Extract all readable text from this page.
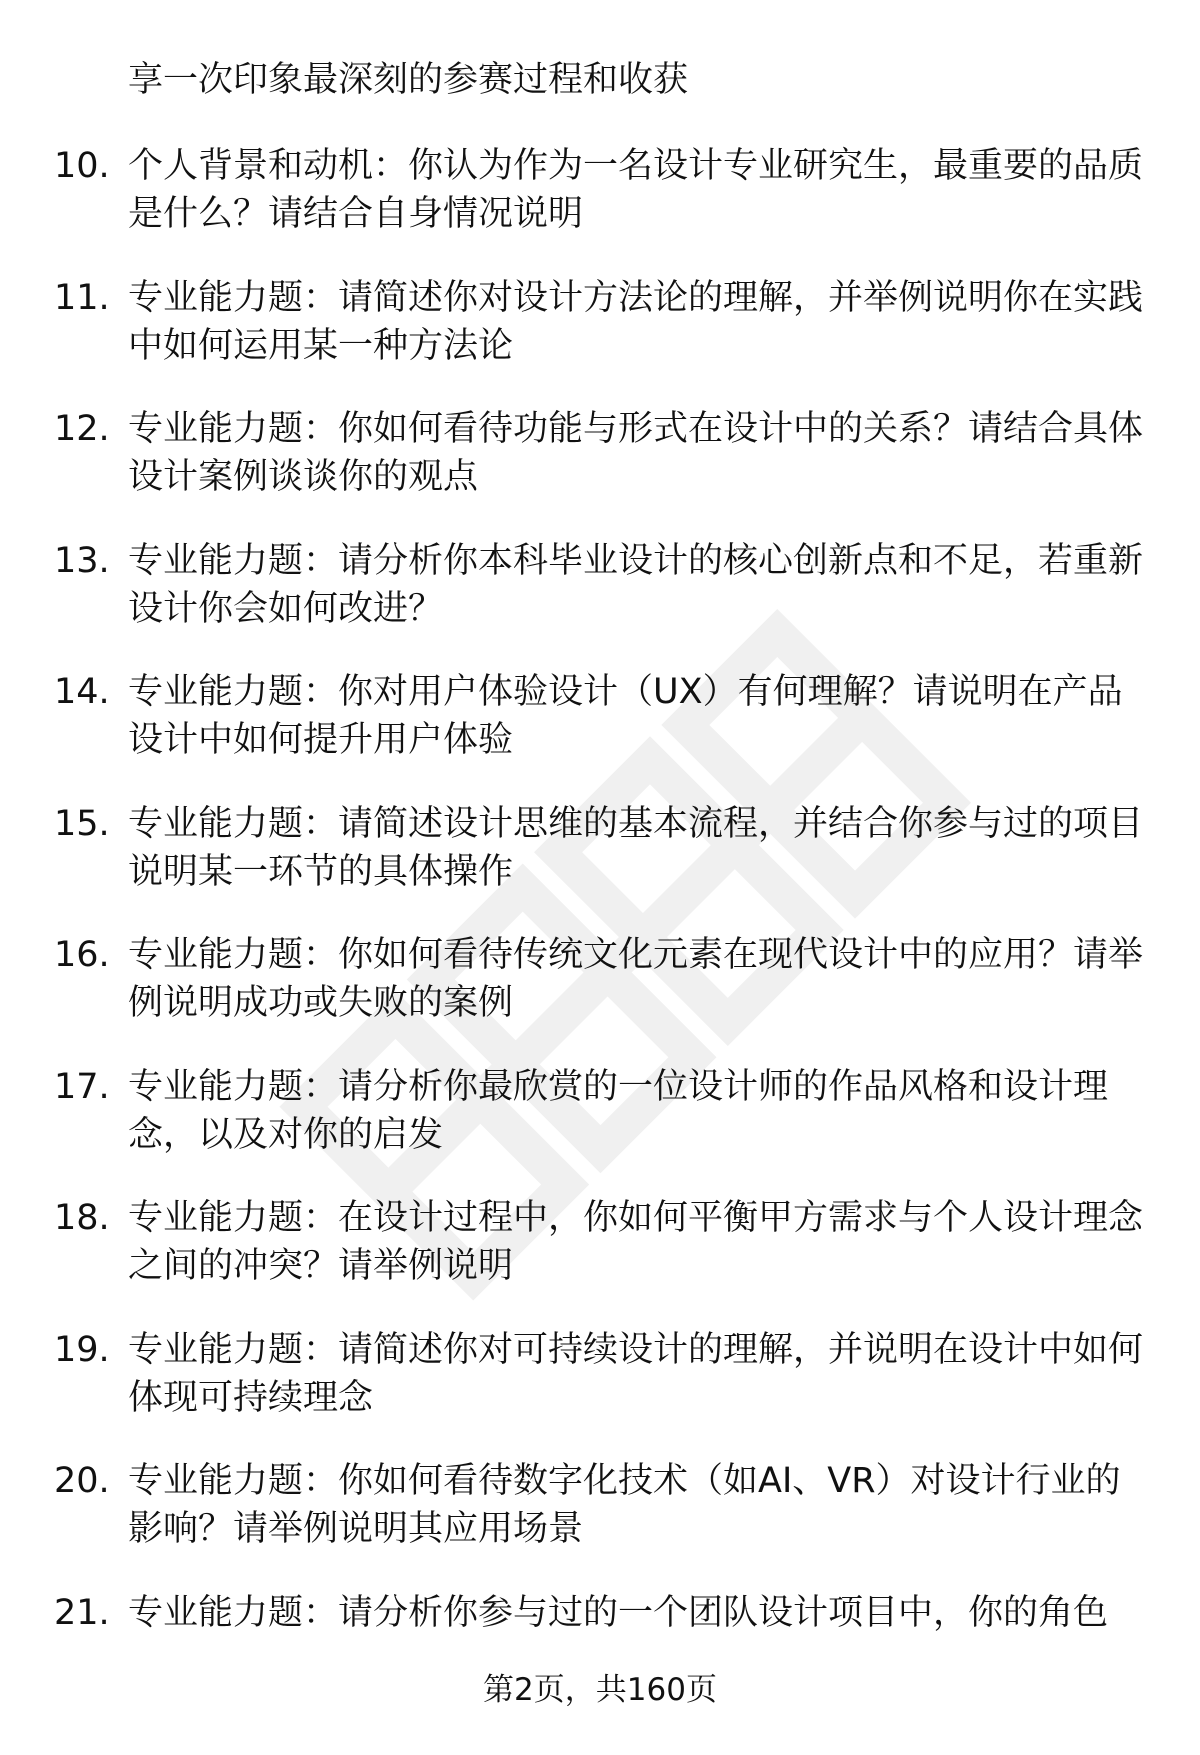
享一次印象最深刻的参赛过程和收获
10. 个人背景和动机：你认为作为一名设计专业研究生，最重要的品质是什么？请结合自身情况说明
11. 专业能力题：请简述你对设计方法论的理解，并举例说明你在实践中如何运用某一种方法论
12. 专业能力题：你如何看待功能与形式在设计中的关系？请结合具体设计案例谈谈你的观点
13. 专业能力题：请分析你本科毕业设计的核心创新点和不足，若重新设计你会如何改进？
14. 专业能力题：你对用户体验设计（UX）有何理解？请说明在产品设计中如何提升用户体验
15. 专业能力题：请简述设计思维的基本流程，并结合你参与过的项目说明某一环节的具体操作
16. 专业能力题：你如何看待传统文化元素在现代设计中的应用？请举例说明成功或失败的案例
17. 专业能力题：请分析你最欣赏的一位设计师的作品风格和设计理念，以及对你的启发
18. 专业能力题：在设计过程中，你如何平衡甲方需求与个人设计理念之间的冲突？请举例说明
19. 专业能力题：请简述你对可持续设计的理解，并说明在设计中如何体现可持续理念
20. 专业能力题：你如何看待数字化技术（如AI、VR）对设计行业的影响？请举例说明其应用场景
21. 专业能力题：请分析你参与过的一个团队设计项目中，你的角色
第2页，共160页
